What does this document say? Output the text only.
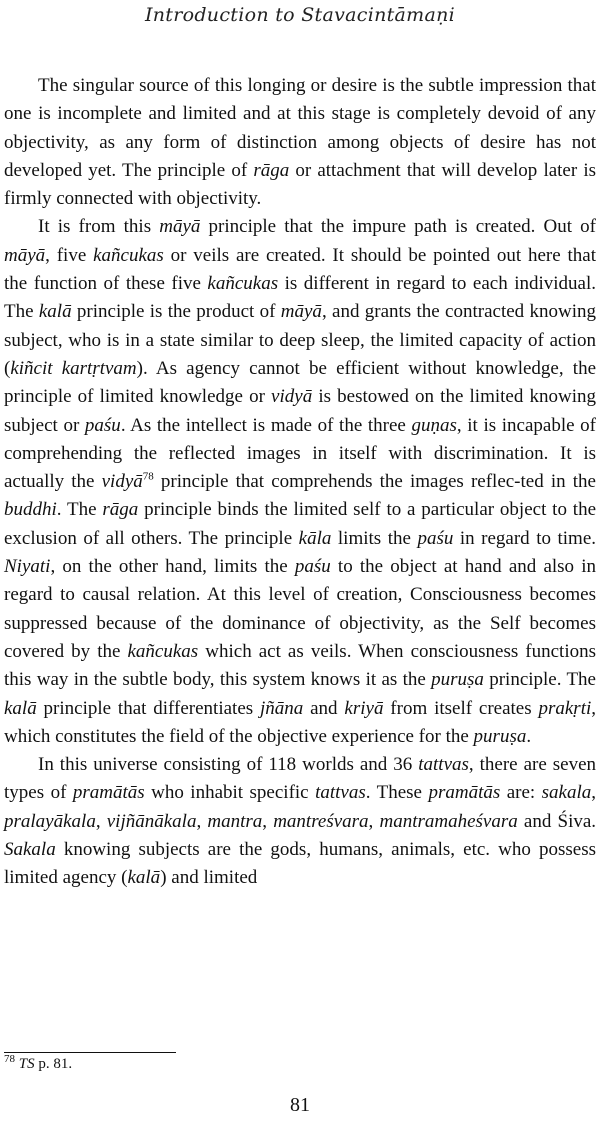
Introduction to Stavacintāmaṇi

The singular source of this longing or desire is the subtle impression that one is incomplete and limited and at this stage is completely devoid of any objectivity, as any form of distinction among objects of desire has not developed yet. The principle of rāga or attachment that will develop later is firmly connected with objectivity.

It is from this māyā principle that the impure path is created. Out of māyā, five kañcukas or veils are created. It should be pointed out here that the function of these five kañcukas is different in regard to each individual. The kalā principle is the product of māyā, and grants the contracted knowing subject, who is in a state similar to deep sleep, the limited capacity of action (kiñcit kartṛtvam). As agency cannot be efficient without knowledge, the principle of limited knowledge or vidyā is bestowed on the limited knowing subject or paśu. As the intellect is made of the three guṇas, it is incapable of comprehending the reflected images in itself with discrimination. It is actually the vidyā$^{78}$ principle that comprehends the images reflec-ted in the buddhi. The rāga principle binds the limited self to a particular object to the exclusion of all others. The principle kāla limits the paśu in regard to time. Niyati, on the other hand, limits the paśu to the object at hand and also in regard to causal relation. At this level of creation, Consciousness becomes suppressed because of the dominance of objectivity, as the Self becomes covered by the kañcukas which act as veils. When consciousness functions this way in the subtle body, this system knows it as the puruṣa principle. The kalā principle that differentiates jñāna and kriyā from itself creates prakṛti, which constitutes the field of the objective experience for the puruṣa.

In this universe consisting of 118 worlds and 36 tattvas, there are seven types of pramātās who inhabit specific tattvas. These pramātās are: sakala, pralayākala, vijñānākala, mantra, mantreśvara, mantramaheśvara and Śiva. Sakala knowing subjects are the gods, humans, animals, etc. who possess limited agency (kalā) and limited

$^{78}$ TS p. 81.
81
